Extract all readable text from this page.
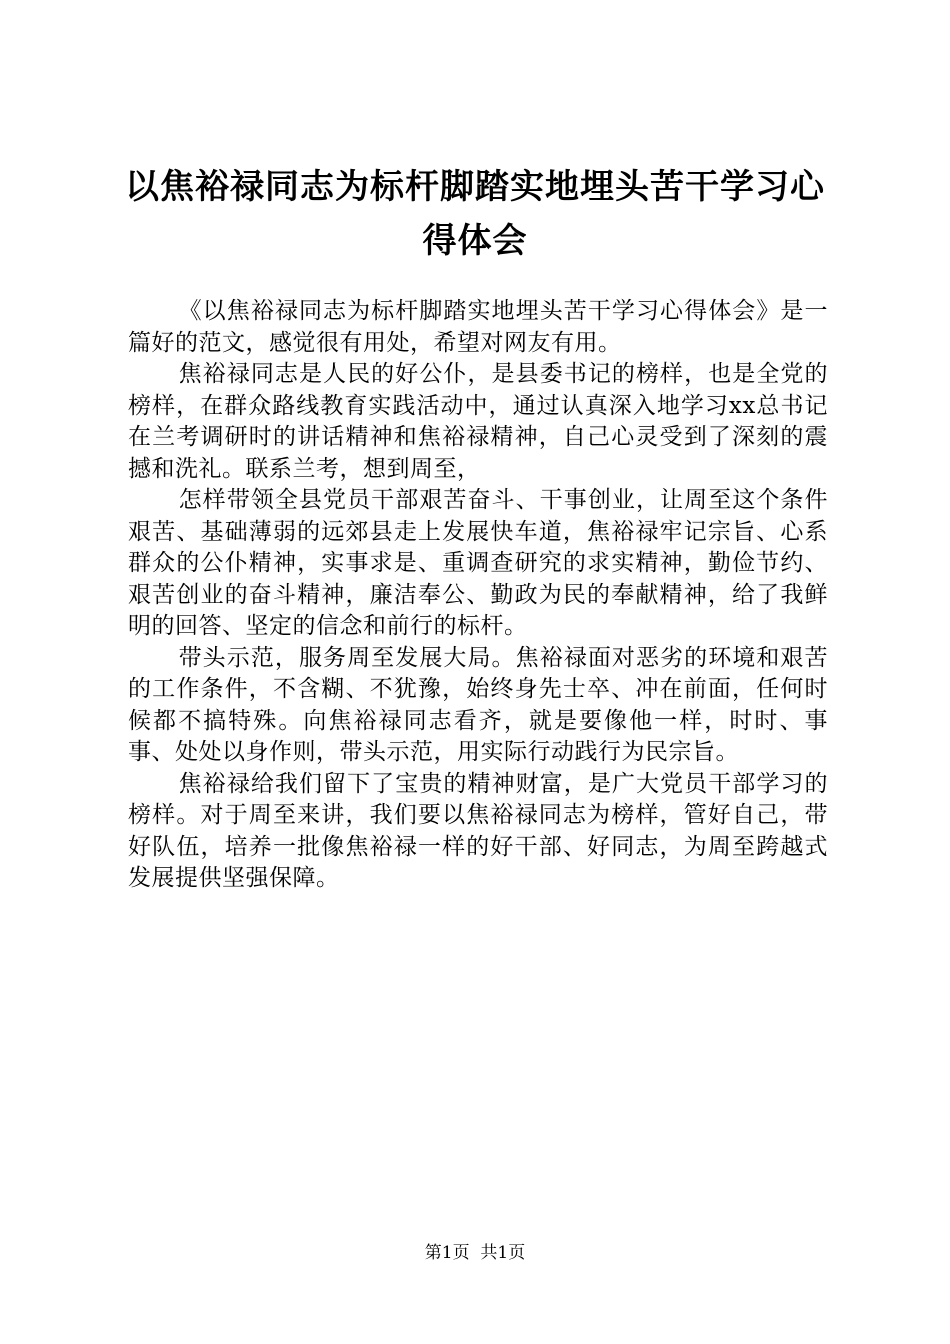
以焦裕禄同志为标杆脚踏实地埋头苦干学习心得体会

《以焦裕禄同志为标杆脚踏实地埋头苦干学习心得体会》是一篇好的范文，感觉很有用处，希望对网友有用。

焦裕禄同志是人民的好公仆，是县委书记的榜样，也是全党的榜样，在群众路线教育实践活动中，通过认真深入地学习xx总书记在兰考调研时的讲话精神和焦裕禄精神，自己心灵受到了深刻的震撼和洗礼。联系兰考，想到周至，

怎样带领全县党员干部艰苦奋斗、干事创业，让周至这个条件艰苦、基础薄弱的远郊县走上发展快车道，焦裕禄牢记宗旨、心系群众的公仆精神，实事求是、重调查研究的求实精神，勤俭节约、艰苦创业的奋斗精神，廉洁奉公、勤政为民的奉献精神，给了我鲜明的回答、坚定的信念和前行的标杆。

带头示范，服务周至发展大局。焦裕禄面对恶劣的环境和艰苦的工作条件，不含糊、不犹豫，始终身先士卒、冲在前面，任何时候都不搞特殊。向焦裕禄同志看齐，就是要像他一样，时时、事事、处处以身作则，带头示范，用实际行动践行为民宗旨。

焦裕禄给我们留下了宝贵的精神财富，是广大党员干部学习的榜样。对于周至来讲，我们要以焦裕禄同志为榜样，管好自己，带好队伍，培养一批像焦裕禄一样的好干部、好同志，为周至跨越式发展提供坚强保障。

第1页 共1页
